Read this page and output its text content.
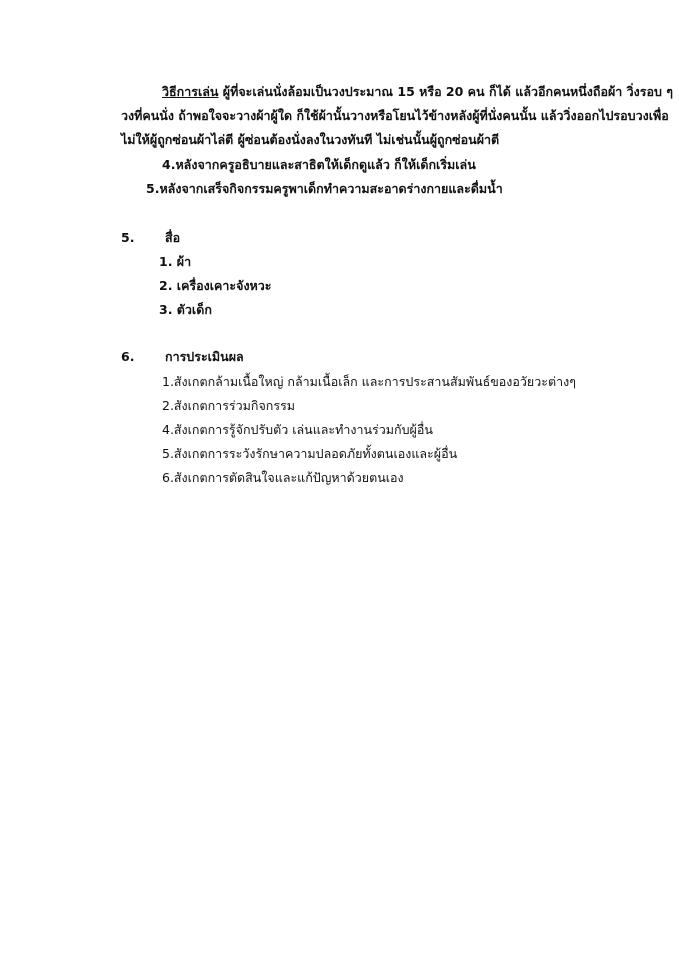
วิธีการเล่น ผู้ที่จะเล่นนั่งล้อมเป็นวงประมาณ 15 หรือ 20 คน ก็ได้ แล้วอีกคนหนึ่งถือผ้า วิ่งรอบ ๆ
วงที่คนนั่ง ถ้าพอใจจะวางผ้าผู้ใด ก็ใช้ผ้านั้นวางหรือโยนไว้ข้างหลังผู้ที่นั่งคนนั้น แล้ววิ่งออกไปรอบวงเพื่อ
ไม่ให้ผู้ถูกซ่อนผ้าไล่ตี ผู้ซ่อนต้องนั่งลงในวงทันที ไม่เช่นนั้นผู้ถูกซ่อนผ้าตี
4.หลังจากครูอธิบายและสาธิตให้เด็กดูแล้ว ก็ให้เด็กเริ่มเล่น
5.หลังจากเสร็จกิจกรรมครูพาเด็กทำความสะอาดร่างกายและดื่มน้ำ
5. สื่อ
1. ผ้า
2. เครื่องเคาะจังหวะ
3. ตัวเด็ก
6. การประเมินผล
1.สังเกตกล้ามเนื้อใหญ่ กล้ามเนื้อเล็ก และการประสานสัมพันธ์ของอวัยวะต่างๆ
2.สังเกตการร่วมกิจกรรม
4.สังเกตการรู้จักปรับตัว เล่นและทำงานร่วมกับผู้อื่น
5.สังเกตการระวังรักษาความปลอดภัยทั้งตนเองและผู้อื่น
6.สังเกตการตัดสินใจและแก้ปัญหาด้วยตนเอง
